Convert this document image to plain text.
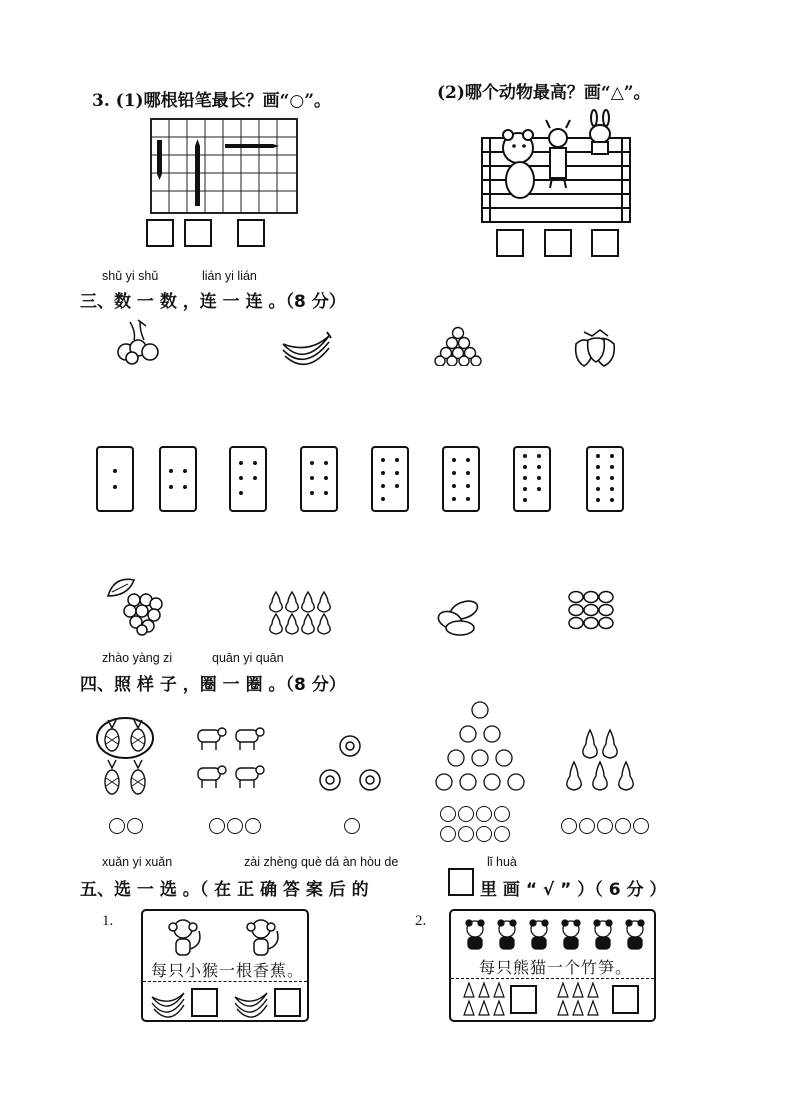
3. (1)哪根铅笔最长？画“○”。	(2)哪个动物最高？画“△”。
shǔ yi shǔ	lián yi lián
三、数 一 数 ，连 一 连 。（8 分）
zhào yàng zi	quān yi quān
四、照 样 子 ，圈 一 圈 。（8 分）
xuǎn yi xuǎn	zài zhèng què dá àn hòu de	lǐ huà
五、选 一 选 。（ 在 正 确 答 案 后 的	里 画 “ √ ” ）（ 6 分 ）
1.
每只小猴一根香蕉。
2.
每只熊猫一个竹笋。
